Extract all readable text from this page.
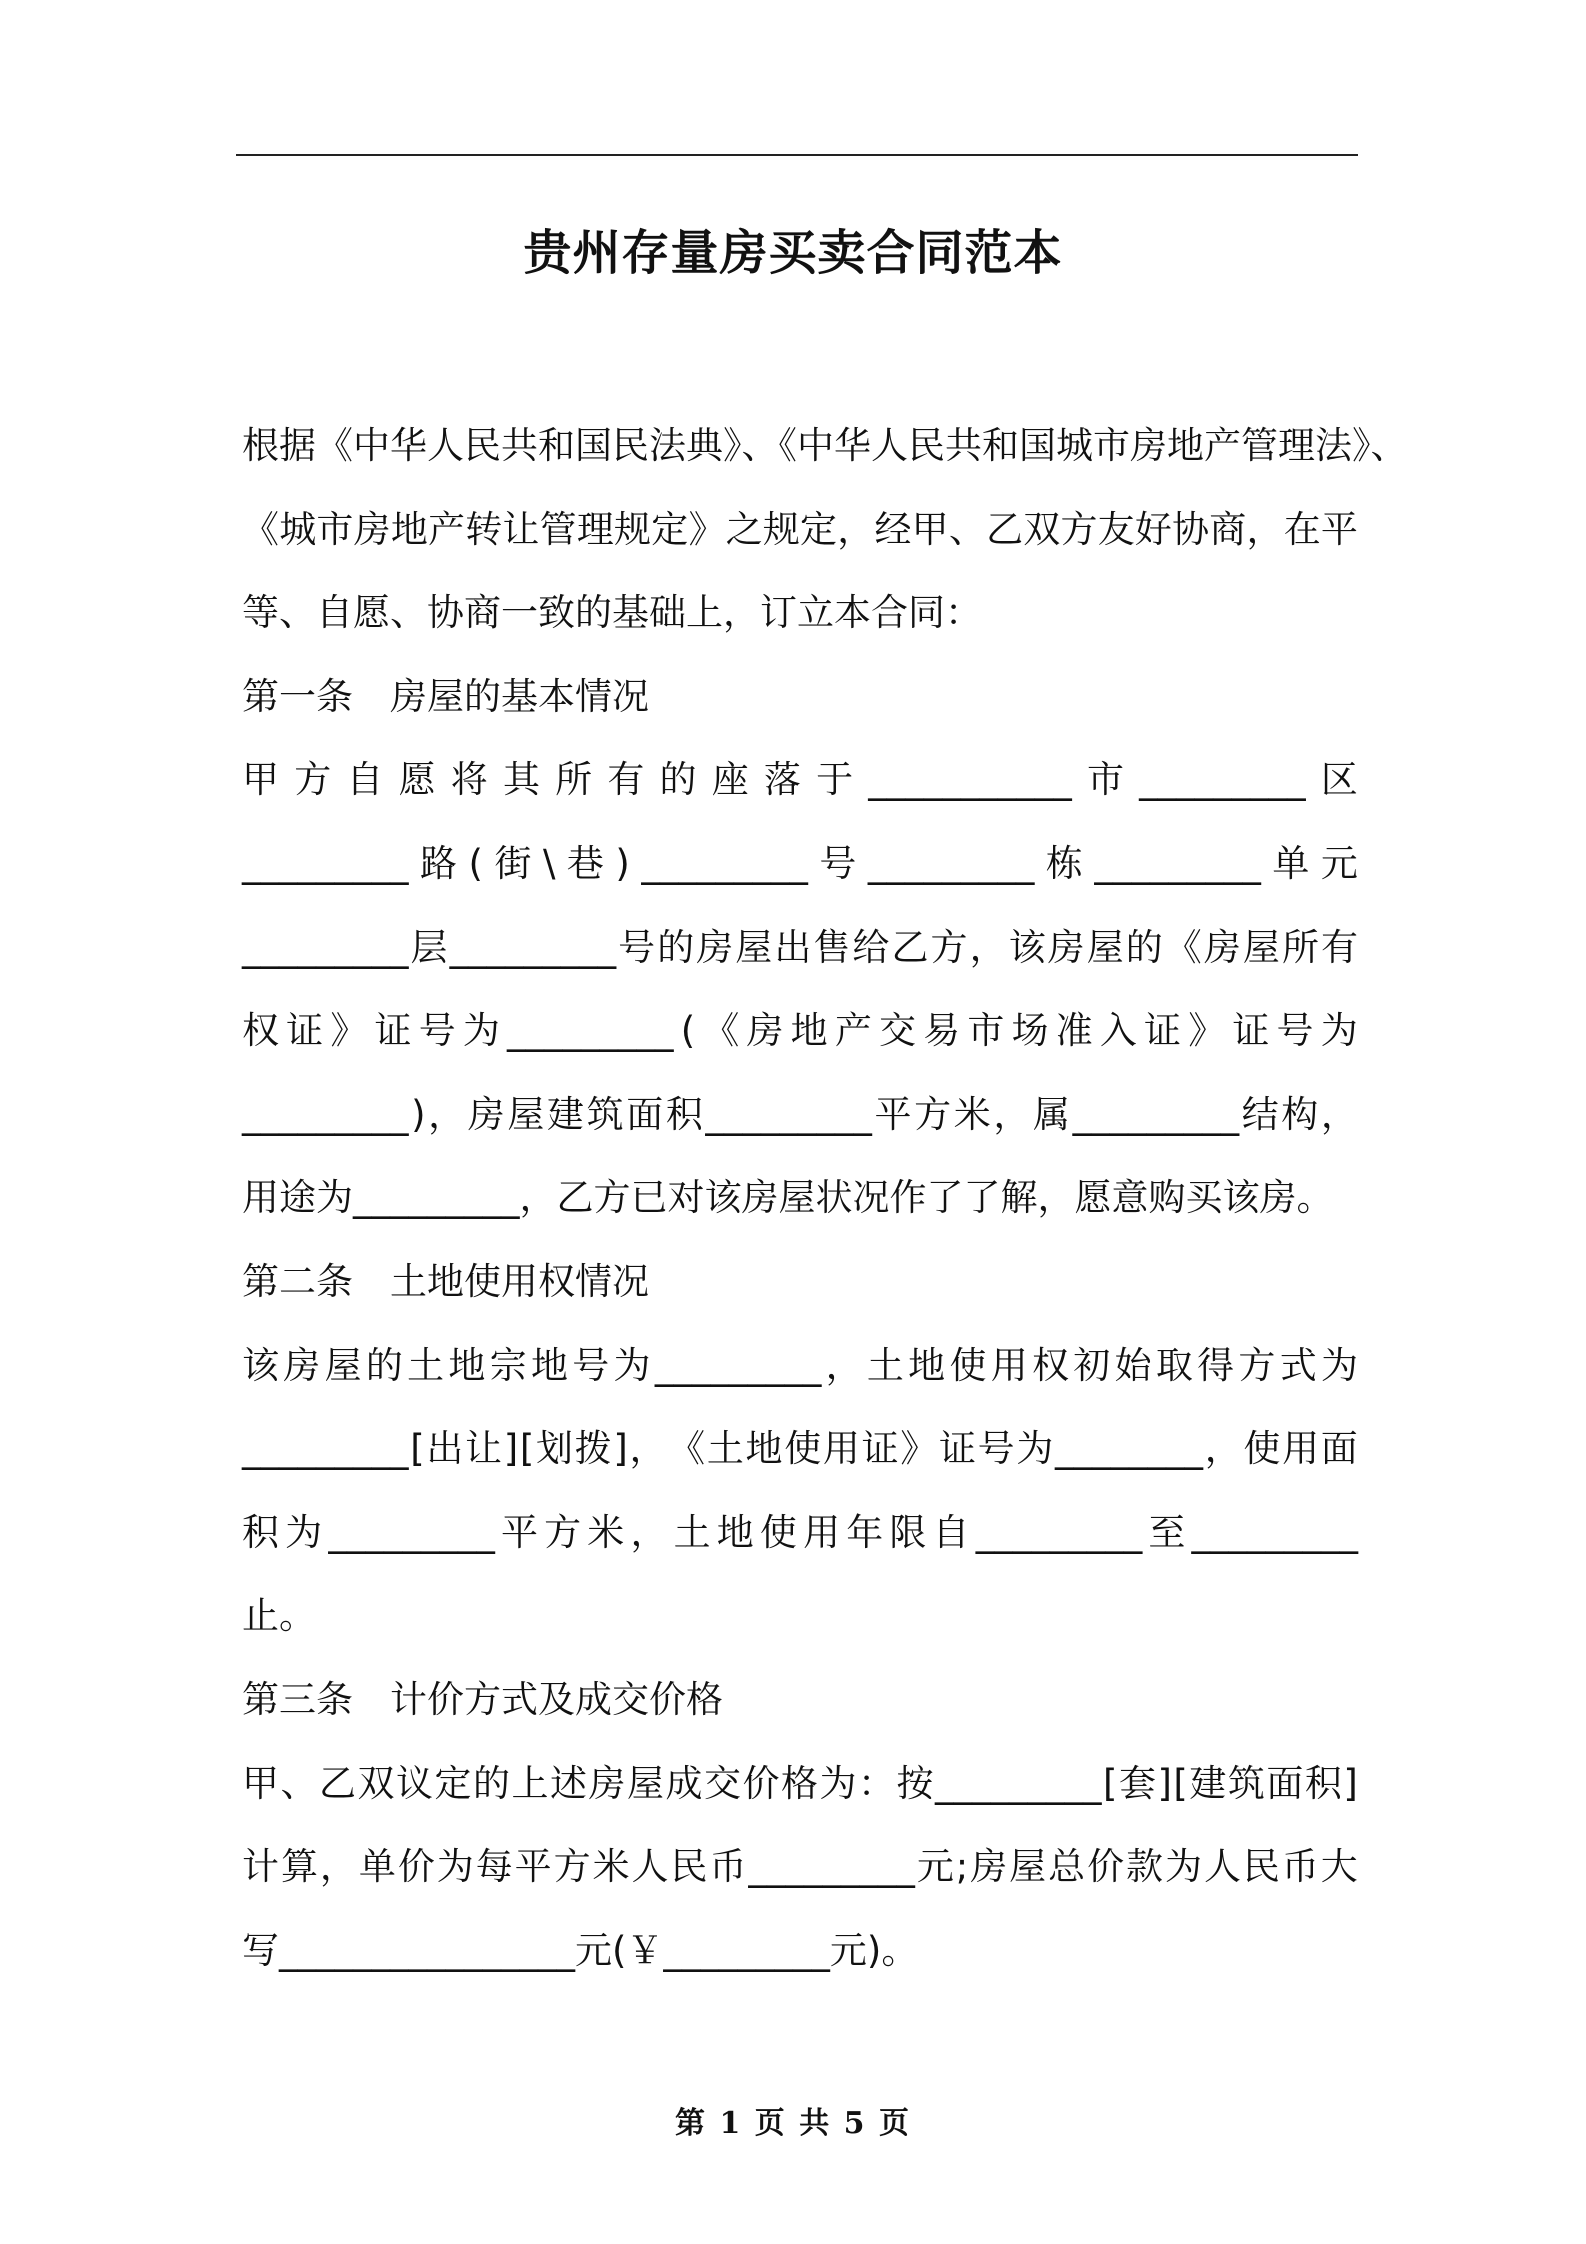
贵州存量房买卖合同范本
根据《中华人民共和国民法典》、《中华人民共和国城市房地产管理法》、
《 城 市 房 地 产 转 让 管 理 规 定 》 之 规 定 ， 经 甲 、 乙 双 方 友 好 协 商 ， 在 平
等、自愿、协商一致的基础上，订立本合同：
第一条　房屋的基本情况
甲 方 自 愿 将 其 所 有 的 座 落 于 ___________ 市 _________ 区
_________ 路 ( 街 \ 巷 ) _________ 号 _________ 栋 _________ 单 元
_________ 层 _________ 号 的 房 屋 出 售 给 乙 方 ， 该 房 屋 的 《 房 屋 所 有
权 证 》 证 号 为 _________ ( 《 房 地 产 交 易 市 场 准 入 证 》 证 号 为
_________ ) ， 房 屋 建 筑 面 积 _________ 平 方 米 ， 属 _________ 结 构 ，
用途为_________，乙方已对该房屋状况作了了解，愿意购买该房。
第二条　土地使用权情况
该 房 屋 的 土 地 宗 地 号 为 _________ ， 土 地 使 用 权 初 始 取 得 方 式 为
_________ [ 出 让 ] [ 划 拨 ] ， 《 土 地 使 用 证 》 证 号 为 ________ ， 使 用 面
积 为 _________ 平 方 米 ， 土 地 使 用 年 限 自 _________ 至 _________
止。
第三条　计价方式及成交价格
甲 、 乙 双 议 定 的 上 述 房 屋 成 交 价 格 为 ： 按 _________ [ 套 ] [ 建 筑 面 积 ]
计 算 ， 单 价 为 每 平 方 米 人 民 币 _________ 元 ; 房 屋 总 价 款 为 人 民 币 大
写________________元(￥_________元)。
第 1 页 共 5 页
